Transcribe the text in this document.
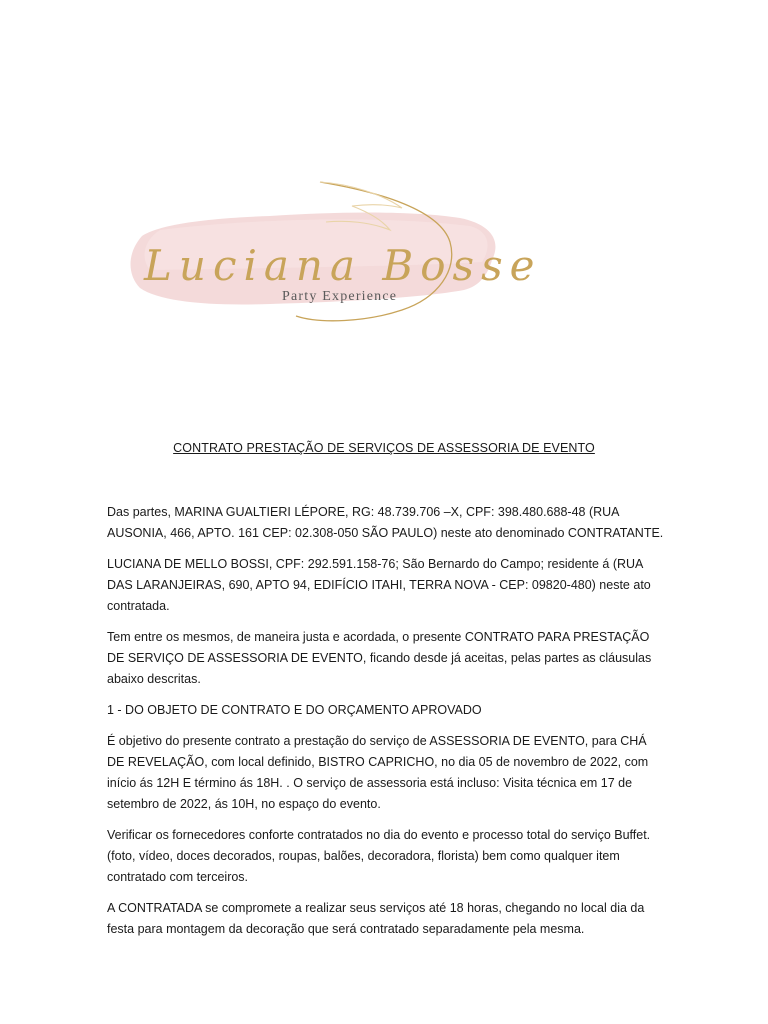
Luciana Bosse
Party Experience
CONTRATO PRESTAÇÃO DE SERVIÇOS DE ASSESSORIA DE EVENTO

Das partes, MARINA GUALTIERI LÉPORE, RG: 48.739.706 –X, CPF: 398.480.688-48 (RUA AUSONIA, 466, APTO. 161 CEP: 02.308-050 SÃO PAULO) neste ato denominado CONTRATANTE.

LUCIANA DE MELLO BOSSI, CPF: 292.591.158-76; São Bernardo do Campo; residente á (RUA DAS LARANJEIRAS, 690, APTO 94, EDIFÍCIO ITAHI, TERRA NOVA - CEP: 09820-480) neste ato contratada.

Tem entre os mesmos, de maneira justa e acordada, o presente CONTRATO PARA PRESTAÇÃO DE SERVIÇO DE ASSESSORIA DE EVENTO, ficando desde já aceitas, pelas partes as cláusulas abaixo descritas.

1 - DO OBJETO DE CONTRATO E DO ORÇAMENTO APROVADO

É objetivo do presente contrato a prestação do serviço de ASSESSORIA DE EVENTO, para CHÁ DE REVELAÇÃO, com local definido, BISTRO CAPRICHO, no dia 05 de novembro de 2022, com início ás 12H E término ás 18H. . O serviço de assessoria está incluso: Visita técnica em 17 de setembro de 2022, ás 10H, no espaço do evento.

Verificar os fornecedores conforte contratados no dia do evento e processo total do serviço Buffet. (foto, vídeo, doces decorados, roupas, balões, decoradora, florista) bem como qualquer item contratado com terceiros.

A CONTRATADA se compromete a realizar seus serviços até 18 horas, chegando no local dia da festa para montagem da decoração que será contratado separadamente pela mesma.
